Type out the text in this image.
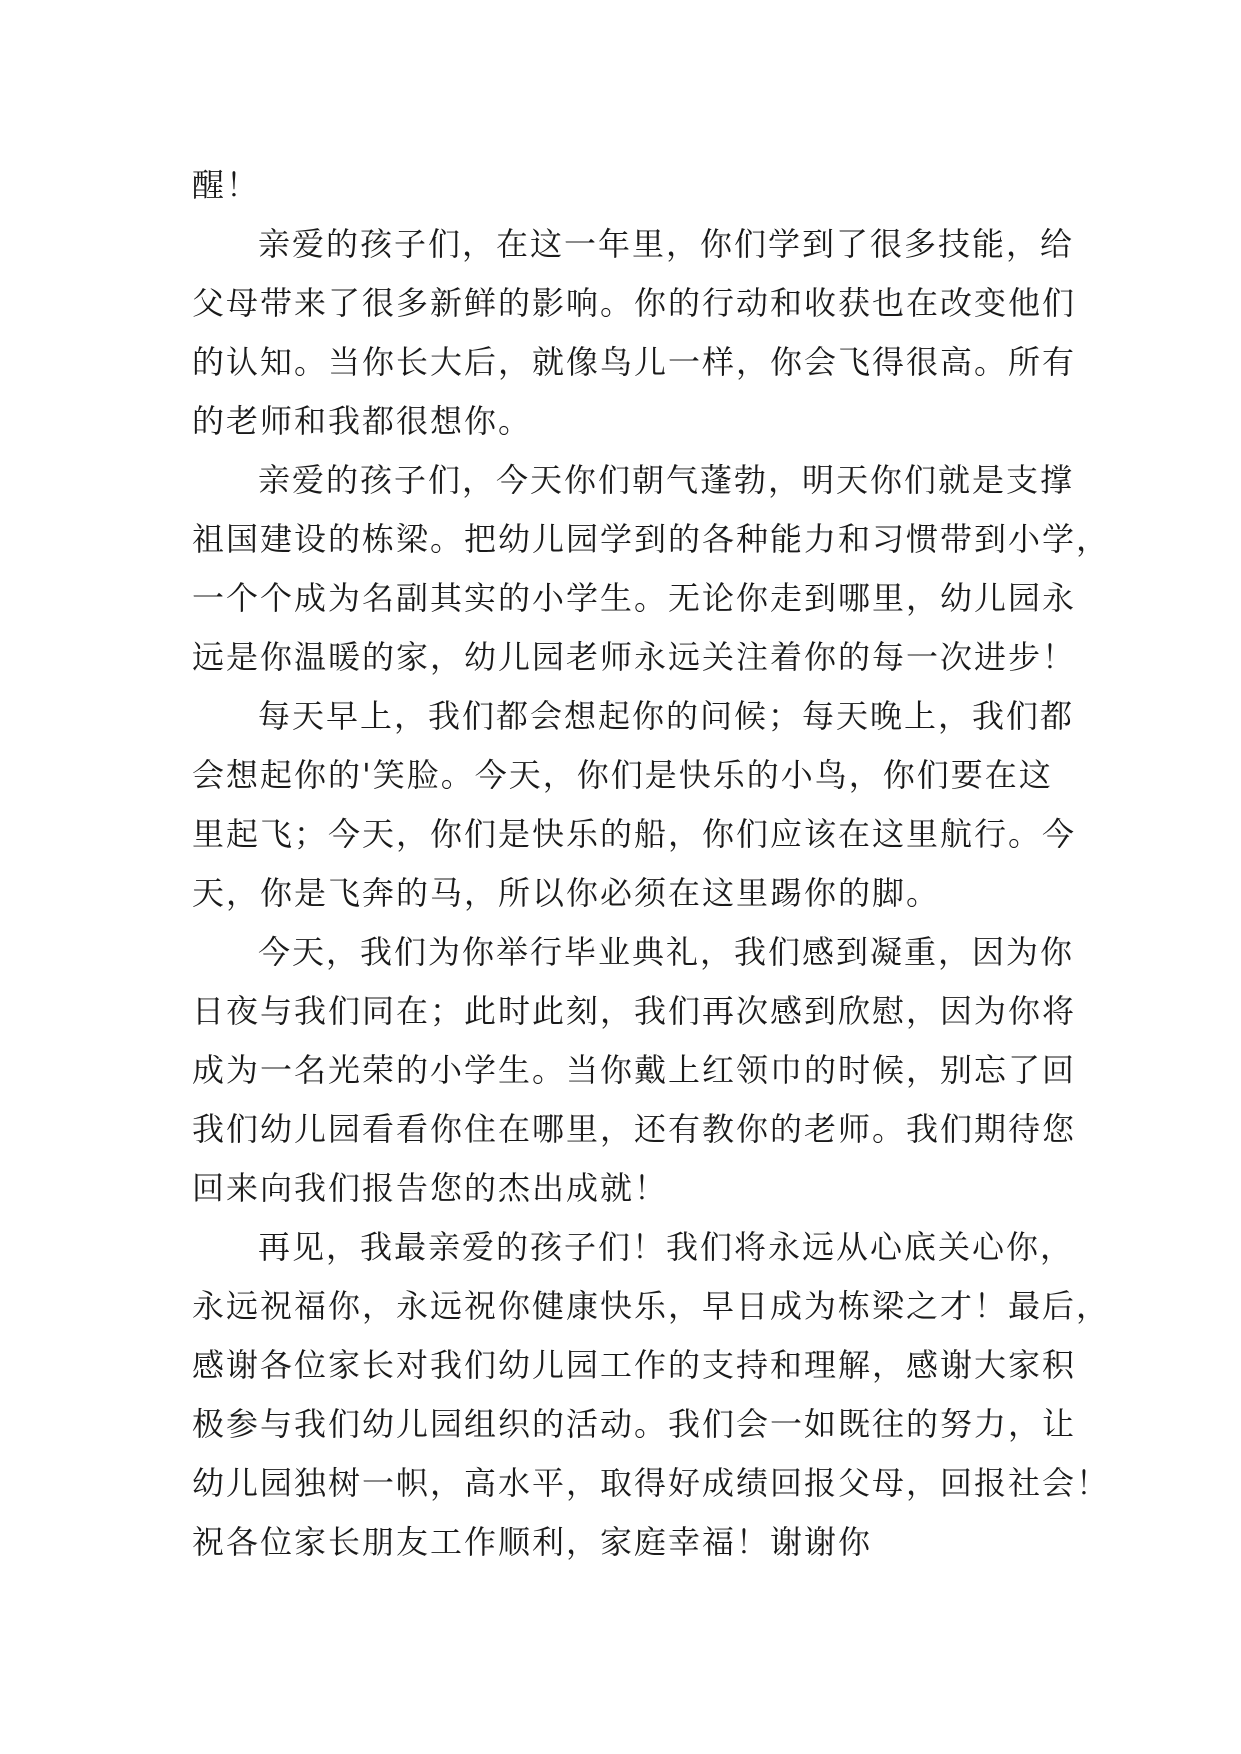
醒！
亲爱的孩子们，在这一年里，你们学到了很多技能，给
父母带来了很多新鲜的影响。你的行动和收获也在改变他们
的认知。当你长大后，就像鸟儿一样，你会飞得很高。所有
的老师和我都很想你。
亲爱的孩子们，今天你们朝气蓬勃，明天你们就是支撑
祖国建设的栋梁。把幼儿园学到的各种能力和习惯带到小学，
一个个成为名副其实的小学生。无论你走到哪里，幼儿园永
远是你温暖的家，幼儿园老师永远关注着你的每一次进步！
每天早上，我们都会想起你的问候；每天晚上，我们都
会想起你的'笑脸。今天，你们是快乐的小鸟，你们要在这
里起飞；今天，你们是快乐的船，你们应该在这里航行。今
天，你是飞奔的马，所以你必须在这里踢你的脚。
今天，我们为你举行毕业典礼，我们感到凝重，因为你
日夜与我们同在；此时此刻，我们再次感到欣慰，因为你将
成为一名光荣的小学生。当你戴上红领巾的时候，别忘了回
我们幼儿园看看你住在哪里，还有教你的老师。我们期待您
回来向我们报告您的杰出成就！
再见，我最亲爱的孩子们！我们将永远从心底关心你，
永远祝福你，永远祝你健康快乐，早日成为栋梁之才！最后，
感谢各位家长对我们幼儿园工作的支持和理解，感谢大家积
极参与我们幼儿园组织的活动。我们会一如既往的努力，让
幼儿园独树一帜，高水平，取得好成绩回报父母，回报社会！
祝各位家长朋友工作顺利，家庭幸福！谢谢你
